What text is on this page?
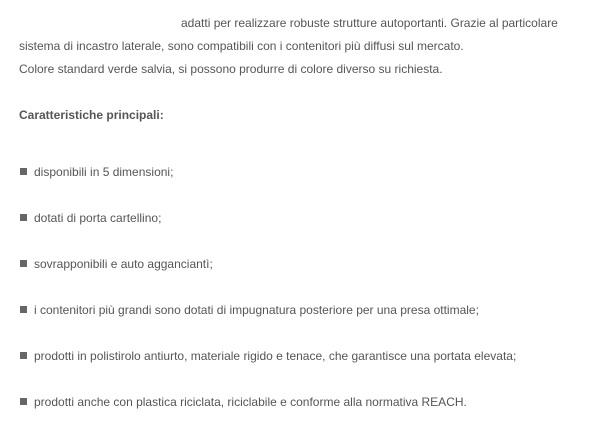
adatti per realizzare robuste strutture autoportanti. Grazie al particolare

sistema di incastro laterale, sono compatibili con i contenitori più diffusi sul mercato.

Colore standard verde salvia, si possono produrre di colore diverso su richiesta.

Caratteristiche principali:

disponibili in 5 dimensioni;
dotati di porta cartellino;
sovrapponibili e auto agganciantì;
i contenitori più grandi sono dotati di impugnatura posteriore per una presa ottimale;
prodotti in polistirolo antiurto, materiale rigido e tenace, che garantisce una portata elevata;
prodotti anche con plastica riciclata, riciclabile e conforme alla normativa REACH.
